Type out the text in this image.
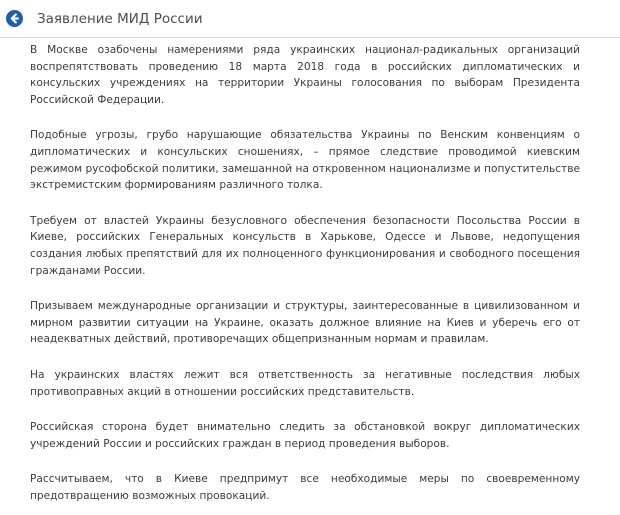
Заявление МИД России

В Москве озабочены намерениями ряда украинских национал-радикальных организаций воспрепятствовать проведению 18 марта 2018 года в российских дипломатических и консульских учреждениях на территории Украины голосования по выборам Президента Российской Федерации.

Подобные угрозы, грубо нарушающие обязательства Украины по Венским конвенциям о дипломатических и консульских сношениях, – прямое следствие проводимой киевским режимом русофобской политики, замешанной на откровенном национализме и попустительстве экстремистским формированиям различного толка.

Требуем от властей Украины безусловного обеспечения безопасности Посольства России в Киеве, российских Генеральных консульств в Харькове, Одессе и Львове, недопущения создания любых препятствий для их полноценного функционирования и свободного посещения гражданами России.

Призываем международные организации и структуры, заинтересованные в цивилизованном и мирном развитии ситуации на Украине, оказать должное влияние на Киев и уберечь его от неадекватных действий, противоречащих общепризнанным нормам и правилам.

На украинских властях лежит вся ответственность за негативные последствия любых противоправных акций в отношении российских представительств.

Российская сторона будет внимательно следить за обстановкой вокруг дипломатических учреждений России и российских граждан в период проведения выборов.

Рассчитываем, что в Киеве предпримут все необходимые меры по своевременному предотвращению возможных провокаций.
